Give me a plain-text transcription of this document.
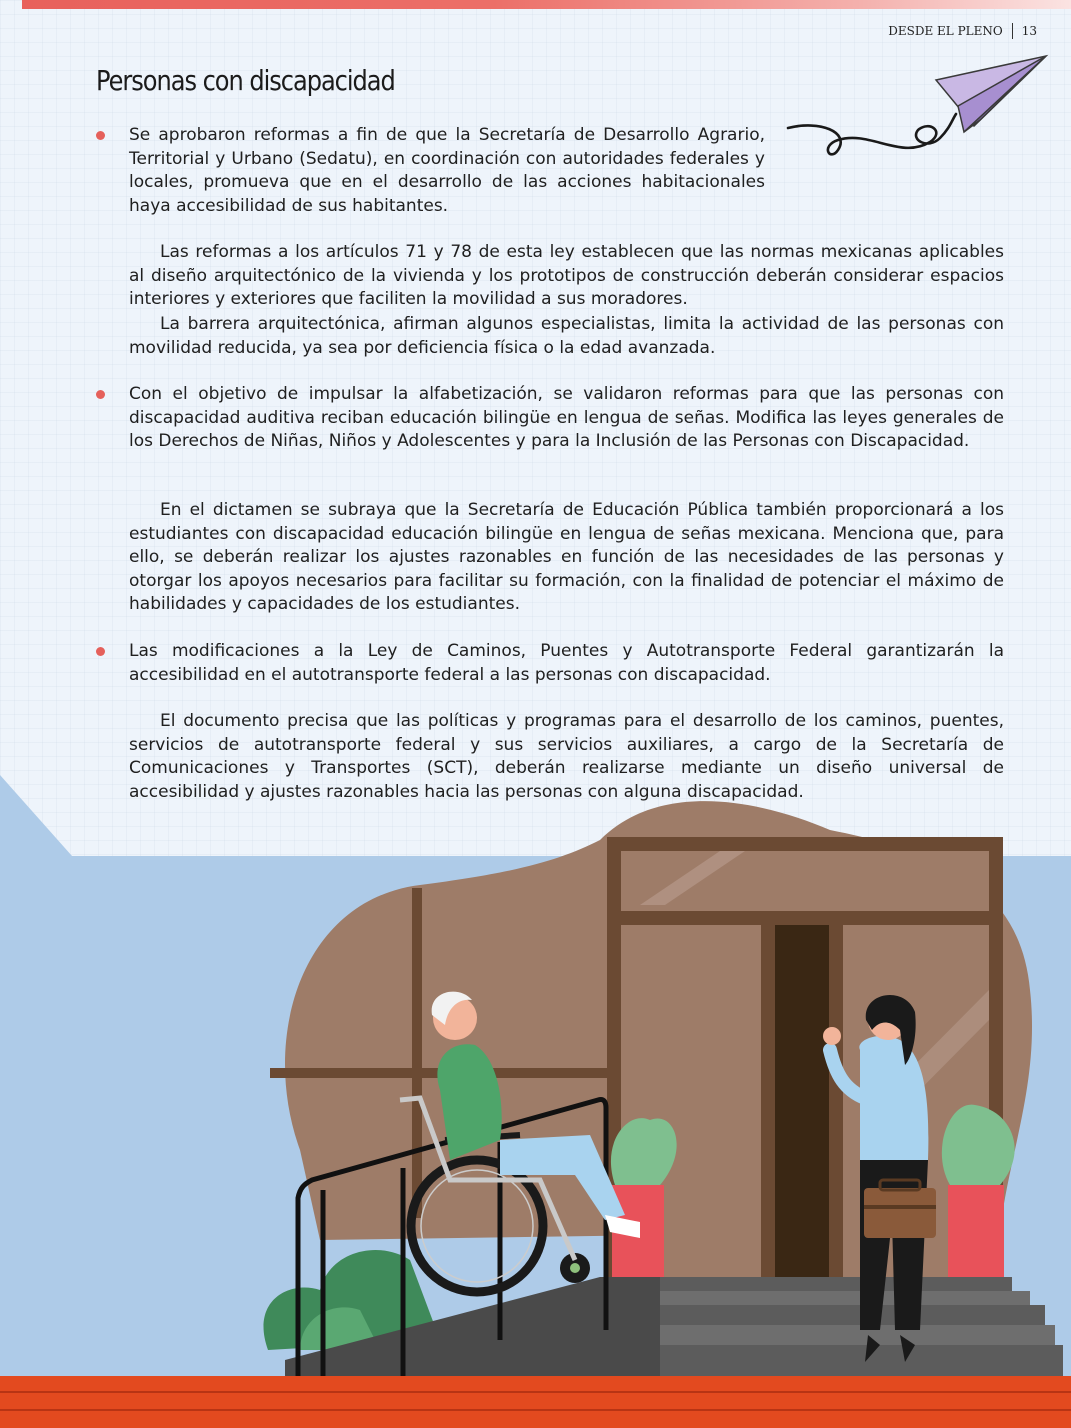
DESDE EL PLENO 13
Personas con discapacidad

Se aprobaron reformas a fin de que la Secretaría de Desarrollo Agrario, Territorial y Urbano (Sedatu), en coordinación con autoridades federales y locales, promueva que en el desarrollo de las acciones habitacionales haya accesibilidad de sus habitantes.

Las reformas a los artículos 71 y 78 de esta ley establecen que las normas mexicanas aplicables al diseño arquitectónico de la vivienda y los prototipos de construcción deberán considerar espacios interiores y exteriores que faciliten la movilidad a sus moradores.

La barrera arquitectónica, afirman algunos especialistas, limita la actividad de las personas con movilidad reducida, ya sea por deficiencia física o la edad avanzada.

Con el objetivo de impulsar la alfabetización, se validaron reformas para que las personas con discapacidad auditiva reciban educación bilingüe en lengua de señas. Modifica las leyes generales de los Derechos de Niñas, Niños y Adolescentes y para la Inclusión de las Personas con Discapacidad.

En el dictamen se subraya que la Secretaría de Educación Pública también proporcionará a los estudiantes con discapacidad educación bilingüe en lengua de señas mexicana. Menciona que, para ello, se deberán realizar los ajustes razonables en función de las necesidades de las personas y otorgar los apoyos necesarios para facilitar su formación, con la finalidad de potenciar el máximo de habilidades y capacidades de los estudiantes.

Las modificaciones a la Ley de Caminos, Puentes y Autotransporte Federal garantizarán la accesibilidad en el autotransporte federal a las personas con discapacidad.

El documento precisa que las políticas y programas para el desarrollo de los caminos, puentes, servicios de autotransporte federal y sus servicios auxiliares, a cargo de la Secretaría de Comunicaciones y Transportes (SCT), deberán realizarse mediante un diseño universal de accesibilidad y ajustes razonables hacia las personas con alguna discapacidad.
